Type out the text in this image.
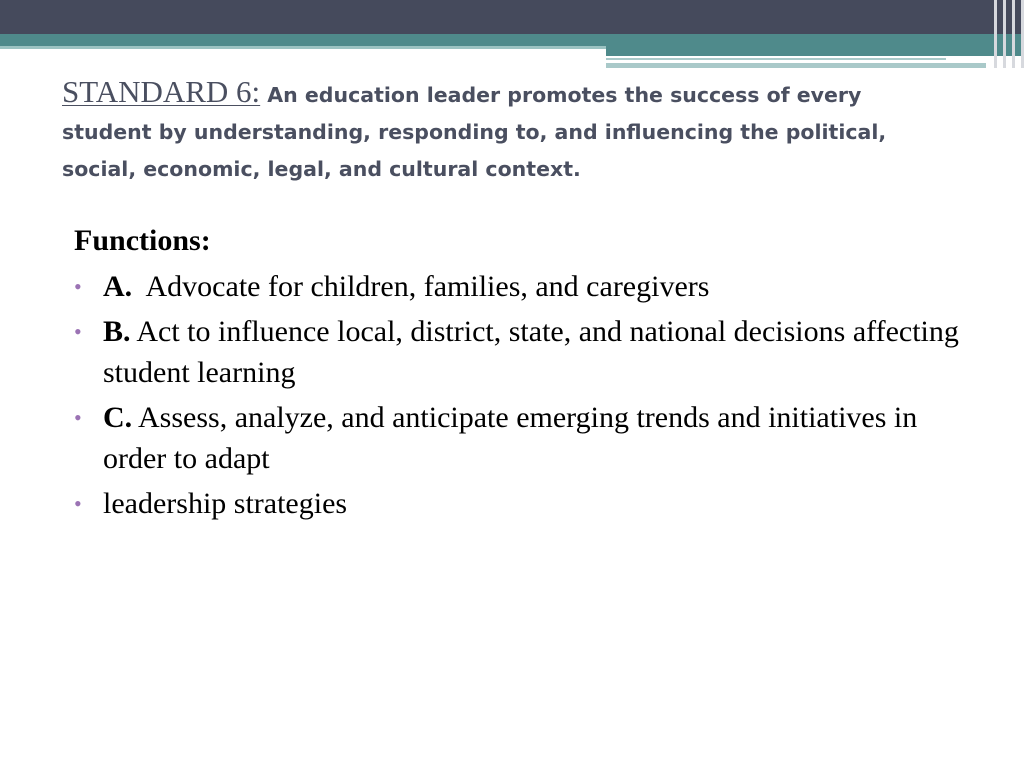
STANDARD 6: An education leader promotes the success of every student by understanding, responding to, and influencing the political, social, economic, legal, and cultural context.
Functions:
• A.  Advocate for children, families, and caregivers
• B. Act to influence local, district, state, and national decisions affecting student learning
• C. Assess, analyze, and anticipate emerging trends and initiatives in order to adapt
• leadership strategies
